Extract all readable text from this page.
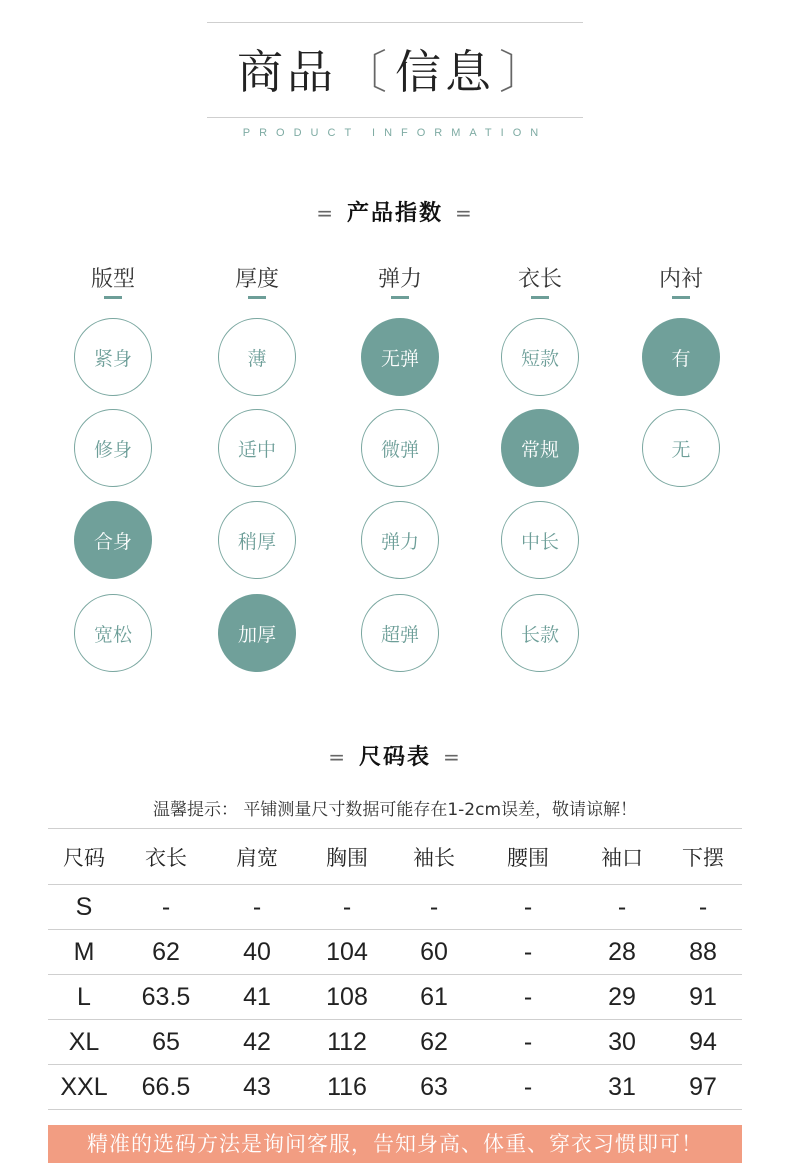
商品〔信息〕
PRODUCT INFORMATION
= 产品指数 =
版型
紧身
修身
合身
宽松
厚度
薄
适中
稍厚
加厚
弹力
无弹
微弹
弹力
超弹
衣长
短款
常规
中长
长款
内衬
有
无
= 尺码表 =
温馨提示： 平铺测量尺寸数据可能存在1-2cm误差，敬请谅解！
尺码	衣长	肩宽	胸围	袖长	腰围	袖口	下摆
S	-	-	-	-	-	-	-
M	62	40	104	60	-	28	88
L	63.5	41	108	61	-	29	91
XL	65	42	112	62	-	30	94
XXL	66.5	43	116	63	-	31	97
精准的选码方法是询问客服，告知身高、体重、穿衣习惯即可！
